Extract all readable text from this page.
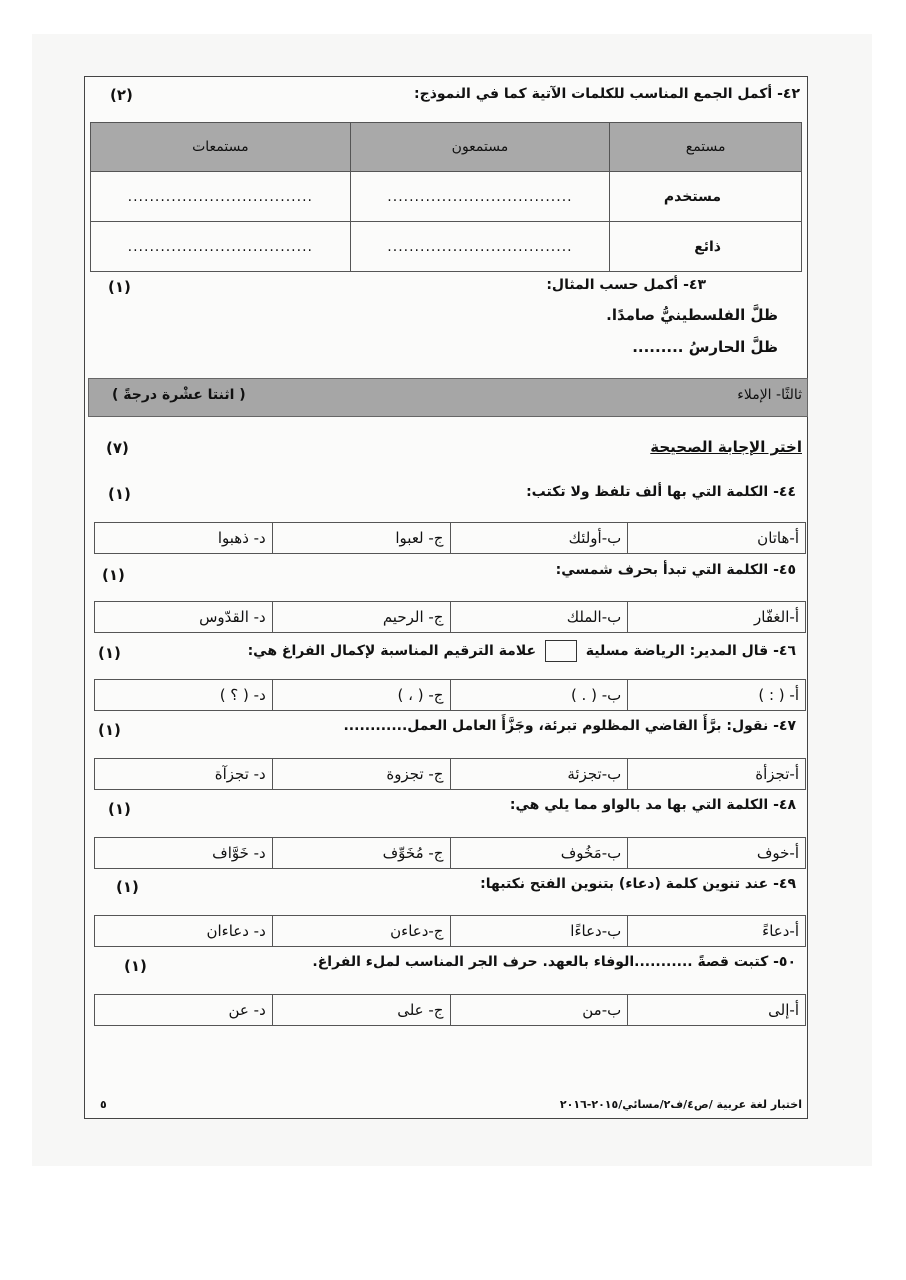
٤٢- أكمل الجمع المناسب للكلمات الآتية كما في النموذج:
(٢)
مستمع	مستمعون	مستمعات
مستخدم	..................................	..................................
ذائع	..................................	..................................
٤٣- أكمل حسب المثال:
(١)
ظلَّ الفلسطينيُّ صامدًا.
ظلَّ الحارسُ .........
ثالثًا- الإملاء
( اثنتا عشْرة درجةً )
اختر الإجابة الصحيحة
(٧)
٤٤- الكلمة التي بها ألف تلفظ ولا تكتب:
(١)
أ-هاتان	ب-أولئك	ج- لعبوا	د- ذهبوا
٤٥- الكلمة التي تبدأ بحرف شمسي:
(١)
أ-الغفّار	ب-الملك	ج- الرحيم	د- القدّوس
٤٦- قال المدير: الرياضة مسلية  علامة الترقيم المناسبة لإكمال الفراغ هي:
(١)
أ- ( : )	ب- ( . )	ج- ( ، )	د- ( ؟ )
٤٧- نقول: برَّأَ القاضي المظلوم تبرئة، وجَزَّأَ العامل العمل............
(١)
أ-تجزأة	ب-تجزئة	ج- تجزوة	د- تجزآة
٤٨- الكلمة التي بها مد بالواو مما يلي هي:
(١)
أ-خوف	ب-مَخُوف	ج- مُخَوِّف	د- خَوَّاف
٤٩- عند تنوين كلمة (دعاء) بتنوين الفتح نكتبها:
(١)
أ-دعاءً	ب-دعاءًا	ج-دعاءن	د- دعاءان
٥٠- كتبت قصةً ...........الوفاء بالعهد. حرف الجر المناسب لملء الفراغ.
(١)
أ-إلى	ب-من	ج- على	د- عن
اختبار لغة عربية /ص٤/ف٢/مسائي/٢٠١٥-٢٠١٦
٥
